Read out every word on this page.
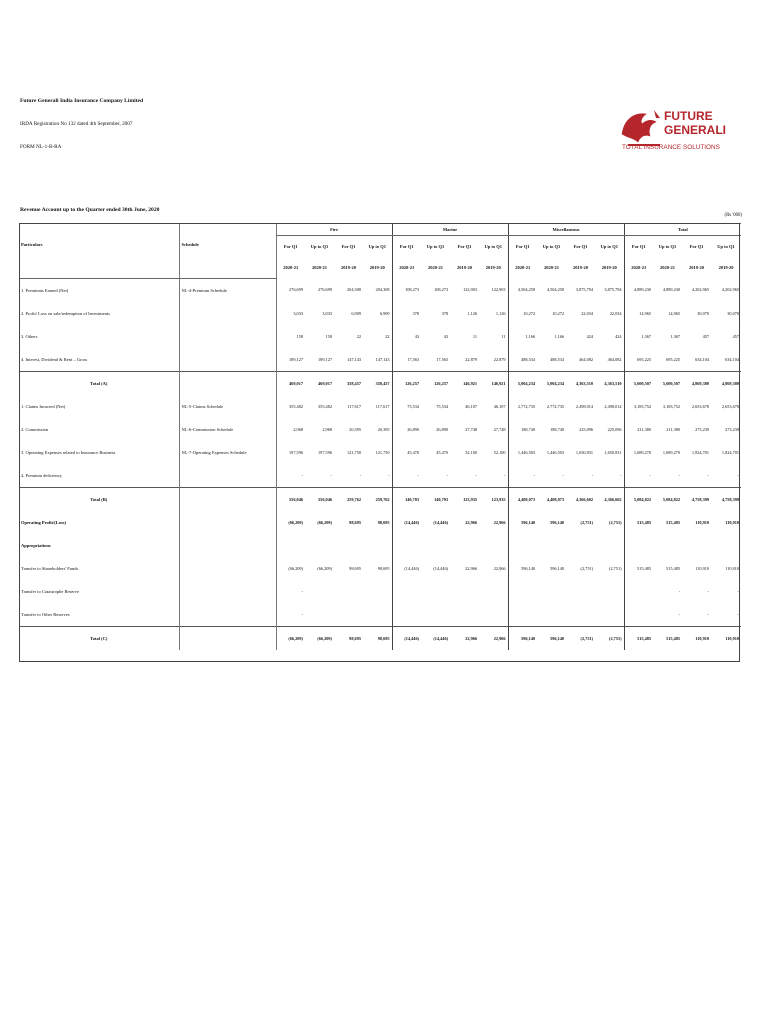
Future Generali India Insurance Company Limited
IRDA Registration No 132 dated 4th September, 2007
FORM NL-1-B-RA
FUTURE
GENERALI
TOTAL INSURANCE SOLUTIONS
Revenue Account up to the Quarter ended 30th June, 2020
(Rs '000)
Particulars	Schedule	Fire				Marine				Miscellaneous				Total			
		For Q1	Up to Q1	For Q1	Up to Q1	For Q1	Up to Q1	For Q1	Up to Q1	For Q1	Up to Q1	For Q1	Up to Q1	For Q1	Up to Q1	For Q1	Up to Q1
		2020-21	2020-21	2019-20	2019-20	2020-21	2020-21	2019-20	2019-20	2020-21	2020-21	2019-20	2019-20	2020-21	2020-21	2019-20	2019-20
1. Premiums Earned (Net)	NL-4-Premium Schedule	276,699	276,699	204,308	204,308	108,273	108,273	122,903	122,903	4,504,258	4,504,258	3,875,794	3,875,794	4,889,230	4,889,230	4,202,965	4,202,965
2. Profit/ Loss on sale/redemption of Investments		3,033	3,033	6,909	6,909	378	378	1,126	1,126	10,272	10,272	22,034	22,034	14,965	14,965	30,070	30,070
3. Others		158	158	22	22	43	43	11	11	1,166	1,166	424	424	1,367	1,367	457	457
4. Interest, Dividend & Rent – Gross		189,127	189,127	147,143	147,143	17,563	17,563	22,879	22,879	488,534	488,534	464,082	464,082	695,225	695,225	634,104	634,104
Total (A)		469,017	469,017	358,457	358,457	126,257	126,257	146,921	146,921	5,004,234	5,004,234	4,363,510	4,363,510	5,600,507	5,600,507	4,869,380	4,869,380
1. Claims Incurred (Net)	NL-5-Claims Schedule	355,482	355,482	117,617	117,617	75,534	75,534	46,107	46,107	2,772,735	2,772,735	2,498,014	2,498,014	3,183,752	3,183,752	2,653,678	2,653,678
2. Commission	NL-6-Commission Schedule	2,968	2,968	20,395	20,395	26,890	26,890	27,748	27,748	188,740	188,740	225,096	225,096	211,380	211,380	273,239	273,239
3. Operating Expenses related to Insurance Business	NL-7-Operating Expenses Schedule	197,596	197,596	121,750	121,750	45,470	45,470	52,100	52,100	1,446,503	1,446,503	1,650,831	1,650,831	1,689,270	1,689,270	1,824,701	1,824,701
4. Premium deficiency		-	-	-	-	-	-	-	-	-	-	-	-	-	-	-	-
Total (B)		556,046	556,046	259,762	259,762	140,703	140,703	123,935	123,935	4,408,073	4,408,073	4,366,602	4,366,602	5,084,822	5,084,822	4,758,399	4,758,399
Operating Profit/(Loss)		(66,209)	(66,209)	98,695	98,695	(14,446)	(14,446)	22,966	22,966	596,140	596,140	(2,751)	(2,751)	515,485	515,485	110,910	110,910
Appropriations																	
Transfer to Shareholders' Funds		(66,209)	(66,209)	98,695	98,695	(14,446)	(14,446)	22,966	22,966	596,140	596,140	(2,751)	(2,751)	515,485	515,485	110,910	110,910
Transfer to Catastrophe Reserve		-													-	-	-
Transfer to Other Reserves		-													-	-	-
Total (C)		(66,209)	(66,209)	98,695	98,695	(14,446)	(14,446)	22,966	22,966	596,140	596,140	(2,751)	(2,751)	515,485	515,485	110,910	110,910
